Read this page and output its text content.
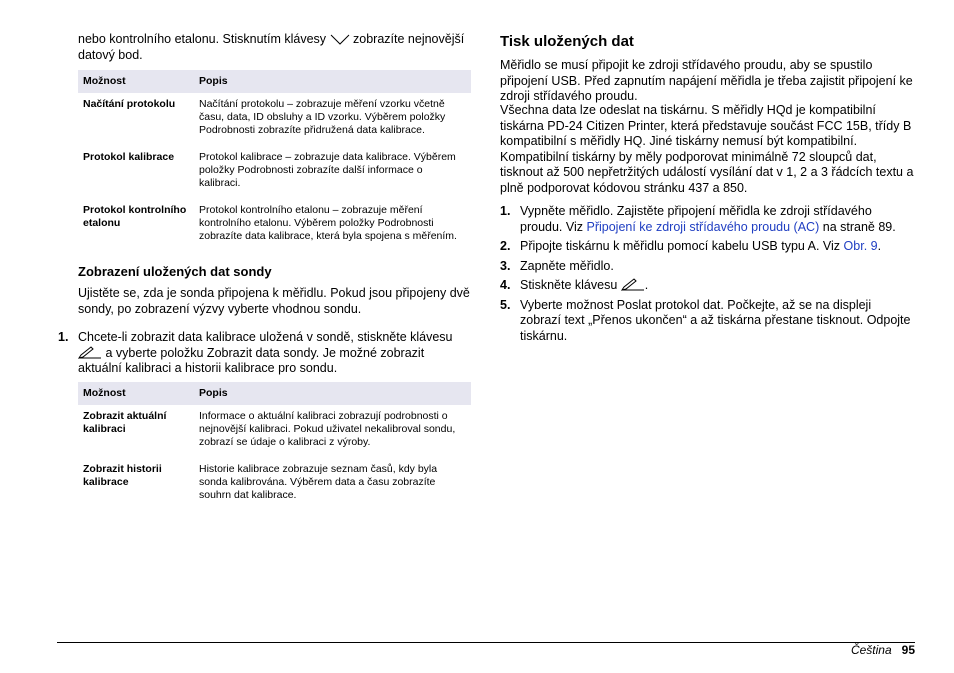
nebo kontrolního etalonu. Stisknutím klávesy zobrazíte nejnovější datový bod.

Možnost	Popis
Načítání protokolu	Načítání protokolu – zobrazuje měření vzorku včetně času, data, ID obsluhy a ID vzorku. Výběrem položky Podrobnosti zobrazíte přidružená data kalibrace.
Protokol kalibrace	Protokol kalibrace – zobrazuje data kalibrace. Výběrem položky Podrobnosti zobrazíte další informace o kalibraci.
Protokol kontrolního etalonu	Protokol kontrolního etalonu – zobrazuje měření kontrolního etalonu. Výběrem položky Podrobnosti zobrazíte data kalibrace, která byla spojena s měřením.
Zobrazení uložených dat sondy

Ujistěte se, zda je sonda připojena k měřidlu. Pokud jsou připojeny dvě sondy, po zobrazení výzvy vyberte vhodnou sondu.

1. Chcete-li zobrazit data kalibrace uložená v sondě, stiskněte klávesu  a vyberte položku Zobrazit data sondy. Je možné zobrazit aktuální kalibraci a historii kalibrace pro sondu.
Možnost	Popis
Zobrazit aktuální kalibraci	Informace o aktuální kalibraci zobrazují podrobnosti o nejnovější kalibraci. Pokud uživatel nekalibroval sondu, zobrazí se údaje o kalibraci z výroby.
Zobrazit historii kalibrace	Historie kalibrace zobrazuje seznam časů, kdy byla sonda kalibrována. Výběrem data a času zobrazíte souhrn dat kalibrace.
Tisk uložených dat

Měřidlo se musí připojit ke zdroji střídavého proudu, aby se spustilo připojení USB. Před zapnutím napájení měřidla je třeba zajistit připojení ke zdroji střídavého proudu.

Všechna data lze odeslat na tiskárnu. S měřidly HQd je kompatibilní tiskárna PD-24 Citizen Printer, která představuje součást FCC 15B, třídy B kompatibilní s měřidly HQ. Jiné tiskárny nemusí být kompatibilní. Kompatibilní tiskárny by měly podporovat minimálně 72 sloupců dat, tisknout až 500 nepřetržitých událostí vysílání dat v 1, 2 a 3 řádcích textu a plně podporovat kódovou stránku 437 a 850.

1. Vypněte měřidlo. Zajistěte připojení měřidla ke zdroji střídavého proudu. Viz Připojení ke zdroji střídavého proudu (AC) na straně 89.
2. Připojte tiskárnu k měřidlu pomocí kabelu USB typu A. Viz Obr. 9.
3. Zapněte měřidlo.
4. Stiskněte klávesu .
5. Vyberte možnost Poslat protokol dat. Počkejte, až se na displeji zobrazí text „Přenos ukončen“ a až tiskárna přestane tisknout. Odpojte tiskárnu.
Čeština 95
